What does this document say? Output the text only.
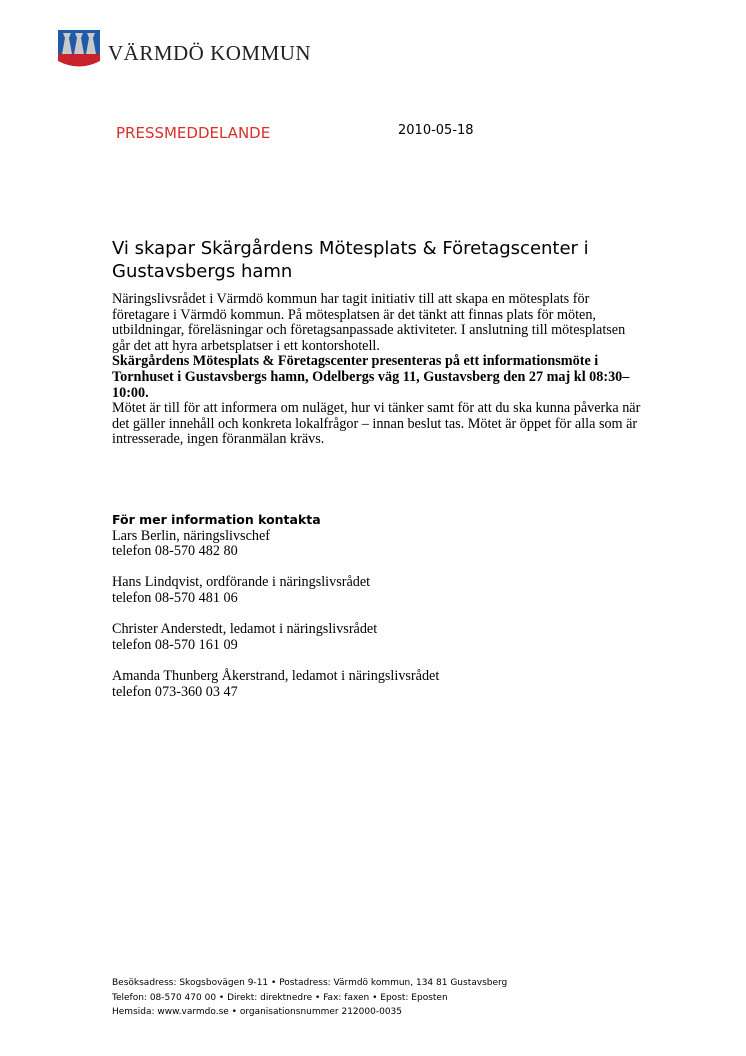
VÄRMDÖ KOMMUN
PRESSMEDDELANDE	2010-05-18
Vi skapar Skärgårdens Mötesplats & Företagscenter i Gustavsbergs hamn

Näringslivsrådet i Värmdö kommun har tagit initiativ till att skapa en mötesplats för företagare i Värmdö kommun. På mötesplatsen är det tänkt att finnas plats för möten, utbildningar, föreläsningar och företagsanpassade aktiviteter. I anslutning till mötesplatsen går det att hyra arbetsplatser i ett kontorshotell.

Skärgårdens Mötesplats & Företagscenter presenteras på ett informationsmöte i Tornhuset i Gustavsbergs hamn, Odelbergs väg 11, Gustavsberg den 27 maj kl 08:30–10:00.

Mötet är till för att informera om nuläget, hur vi tänker samt för att du ska kunna påverka när det gäller innehåll och konkreta lokalfrågor – innan beslut tas. Mötet är öppet för alla som är intresserade, ingen föranmälan krävs.

För mer information kontakta
Lars Berlin, näringslivschef
telefon 08-570 482 80
Hans Lindqvist, ordförande i näringslivsrådet
telefon 08-570 481 06
Christer Anderstedt, ledamot i näringslivsrådet
telefon 08-570 161 09
Amanda Thunberg Åkerstrand, ledamot i näringslivsrådet
telefon 073-360 03 47
Besöksadress: Skogsbovägen 9-11 • Postadress: Värmdö kommun, 134 81 Gustavsberg
Telefon: 08-570 470 00 • Direkt: direktnedre • Fax: faxen • Epost: Eposten
Hemsida: www.varmdo.se • organisationsnummer 212000-0035
